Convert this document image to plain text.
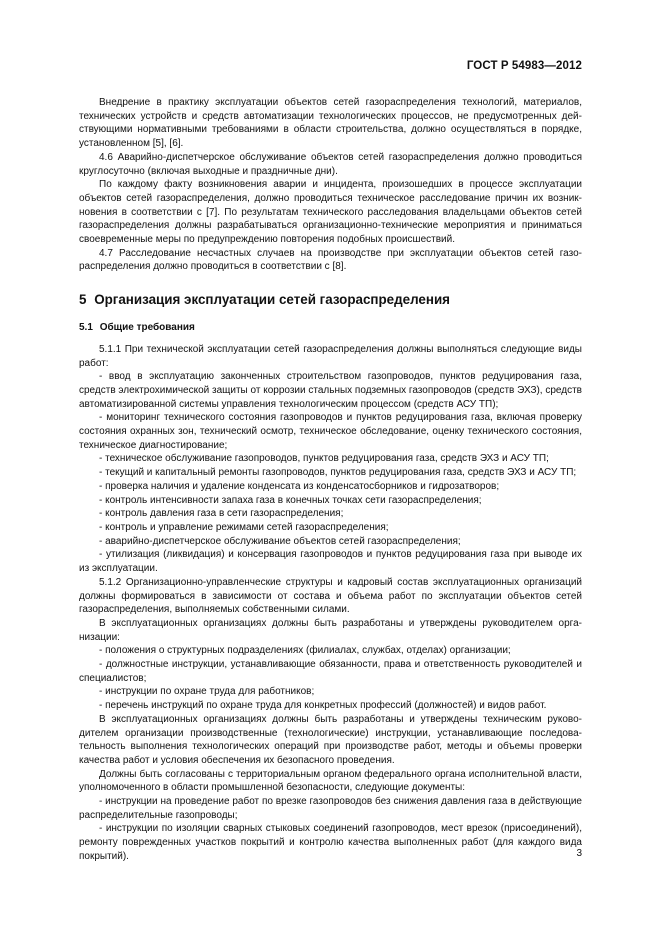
ГОСТ Р 54983—2012

Внедрение в практику эксплуатации объектов сетей газораспределения технологий, материалов, технических устройств и средств автоматизации технологических процессов, не предусмотренных действующими нормативными требованиями в области строительства, должно осуществляться в порядке, установленном [5], [6].

4.6 Аварийно-диспетчерское обслуживание объектов сетей газораспределения должно проводиться круглосуточно (включая выходные и праздничные дни).

По каждому факту возникновения аварии и инцидента, произошедших в процессе эксплуатации объектов сетей газораспределения, должно проводиться техническое расследование причин их возникновения в соответствии с [7]. По результатам технического расследования владельцами объектов сетей газораспределения должны разрабатываться организационно-технические мероприятия и приниматься своевременные меры по предупреждению повторения подобных происшествий.

4.7 Расследование несчастных случаев на производстве при эксплуатации объектов сетей газораспределения должно проводиться в соответствии с [8].

5 Организация эксплуатации сетей газораспределения
5.1 Общие требования

5.1.1 При технической эксплуатации сетей газораспределения должны выполняться следующие виды работ:

- ввод в эксплуатацию законченных строительством газопроводов, пунктов редуцирования газа, средств электрохимической защиты от коррозии стальных подземных газопроводов (средств ЭХЗ), средств автоматизированной системы управления технологическим процессом (средств АСУ ТП);

- мониторинг технического состояния газопроводов и пунктов редуцирования газа, включая проверку состояния охранных зон, технический осмотр, техническое обследование, оценку технического состояния, техническое диагностирование;

- техническое обслуживание газопроводов, пунктов редуцирования газа, средств ЭХЗ и АСУ ТП;

- текущий и капитальный ремонты газопроводов, пунктов редуцирования газа, средств ЭХЗ и АСУ ТП;

- проверка наличия и удаление конденсата из конденсатосборников и гидрозатворов;

- контроль интенсивности запаха газа в конечных точках сети газораспределения;

- контроль давления газа в сети газораспределения;

- контроль и управление режимами сетей газораспределения;

- аварийно-диспетчерское обслуживание объектов сетей газораспределения;

- утилизация (ликвидация) и консервация газопроводов и пунктов редуцирования газа при выводе их из эксплуатации.

5.1.2 Организационно-управленческие структуры и кадровый состав эксплуатационных организаций должны формироваться в зависимости от состава и объема работ по эксплуатации объектов сетей газораспределения, выполняемых собственными силами.

В эксплуатационных организациях должны быть разработаны и утверждены руководителем организации:

- положения о структурных подразделениях (филиалах, службах, отделах) организации;

- должностные инструкции, устанавливающие обязанности, права и ответственность руководителей и специалистов;

- инструкции по охране труда для работников;

- перечень инструкций по охране труда для конкретных профессий (должностей) и видов работ.

В эксплуатационных организациях должны быть разработаны и утверждены техническим руководителем организации производственные (технологические) инструкции, устанавливающие последовательность выполнения технологических операций при производстве работ, методы и объемы проверки качества работ и условия обеспечения их безопасного проведения.

Должны быть согласованы с территориальным органом федерального органа исполнительной власти, уполномоченного в области промышленной безопасности, следующие документы:

- инструкции на проведение работ по врезке газопроводов без снижения давления газа в действующие распределительные газопроводы;

- инструкции по изоляции сварных стыковых соединений газопроводов, мест врезок (присоединений), ремонту поврежденных участков покрытий и контролю качества выполненных работ (для каждого вида покрытий).	3
